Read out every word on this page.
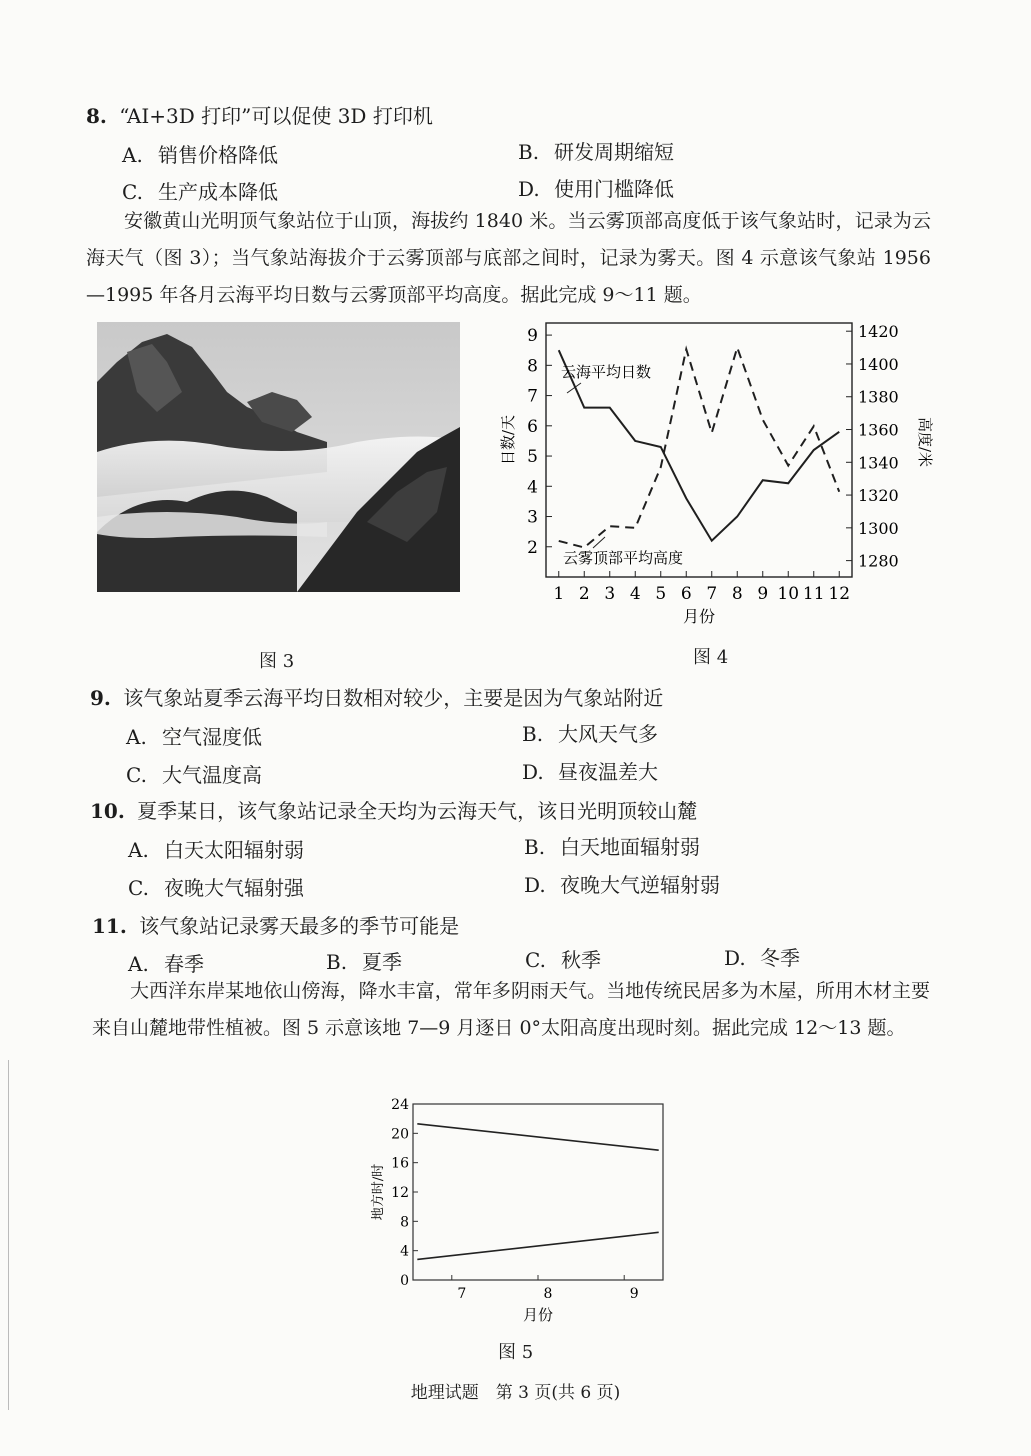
8. “AI+3D 打印”可以促使 3D 打印机
A. 销售价格降低	B. 研发周期缩短
C. 生产成本降低	D. 使用门槛降低

安徽黄山光明顶气象站位于山顶，海拔约 1840 米。当云雾顶部高度低于该气象站时，记录为云海天气（图 3）；当气象站海拔介于云雾顶部与底部之间时，记录为雾天。图 4 示意该气象站 1956—1995 年各月云海平均日数与云雾顶部平均高度。据此完成 9～11 题。

2
3
4
5
6
7
8
9
1280
1300
1320
1340
1360
1380
1400
1420
1 2 3 4 5 6 7 8 9 10 11 12
月份
日数/天	高度/米
云海平均日数
云雾顶部平均高度
图 3	图 4
9. 该气象站夏季云海平均日数相对较少，主要是因为气象站附近
A. 空气湿度低	B. 大风天气多
C. 大气温度高	D. 昼夜温差大
10. 夏季某日，该气象站记录全天均为云海天气，该日光明顶较山麓
A. 白天太阳辐射弱	B. 白天地面辐射弱
C. 夜晚大气辐射强	D. 夜晚大气逆辐射弱
11. 该气象站记录雾天最多的季节可能是
A. 春季	B. 夏季	C. 秋季	D. 冬季

大西洋东岸某地依山傍海，降水丰富，常年多阴雨天气。当地传统民居多为木屋，所用木材主要来自山麓地带性植被。图 5 示意该地 7—9 月逐日 0°太阳高度出现时刻。据此完成 12～13 题。

0
4
8
12
16
20
24
7	8	9
月份
地方时/时
图 5
地理试题　第 3 页(共 6 页)
